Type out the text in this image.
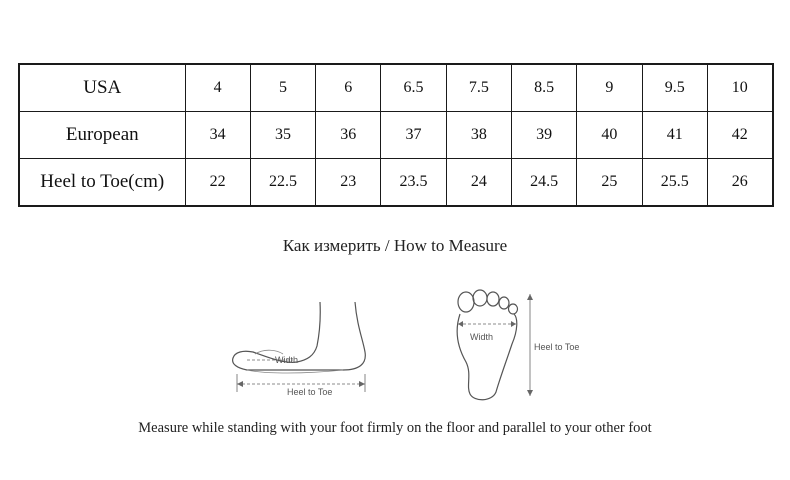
USA	4	5	6	6.5	7.5	8.5	9	9.5	10
European	34	35	36	37	38	39	40	41	42
Heel to Toe(cm)	22	22.5	23	23.5	24	24.5	25	25.5	26
Как измерить / How to Measure
Width
Heel to Toe
Width
Heel to Toe
Measure while standing with your foot firmly on the floor and parallel to your other foot
